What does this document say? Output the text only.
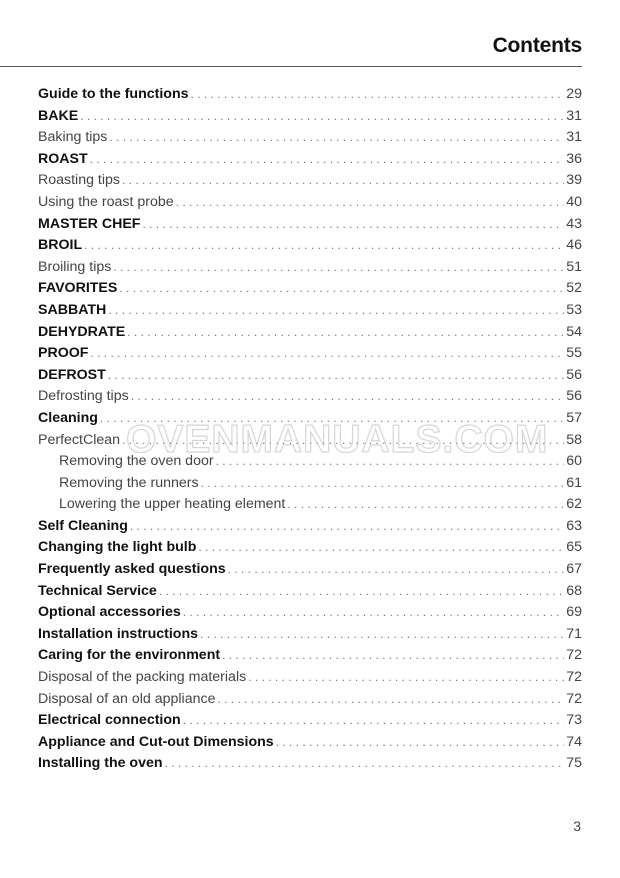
Contents
Guide to the functions . . .	29
BAKE . . .	31
Baking tips . . .	31
ROAST . . .	36
Roasting tips . . .	39
Using the roast probe . . .	40
MASTER CHEF . . .	43
BROIL . . .	46
Broiling tips . . .	51
FAVORITES . . .	52
SABBATH . . .	53
DEHYDRATE . . .	54
PROOF . . .	55
DEFROST . . .	56
Defrosting tips . . .	56
Cleaning . . .	57
PerfectClean . . .	58
Removing the oven door . . .	60
Removing the runners . . .	61
Lowering the upper heating element . . .	62
Self Cleaning . . .	63
Changing the light bulb . . .	65
Frequently asked questions . . .	67
Technical Service . . .	68
Optional accessories . . .	69
Installation instructions . . .	71
Caring for the environment . . .	72
Disposal of the packing materials . . .	72
Disposal of an old appliance . . .	72
Electrical connection . . .	73
Appliance and Cut-out Dimensions . . .	74
Installing the oven . . .	75
OVENMANUALS.COM
3
